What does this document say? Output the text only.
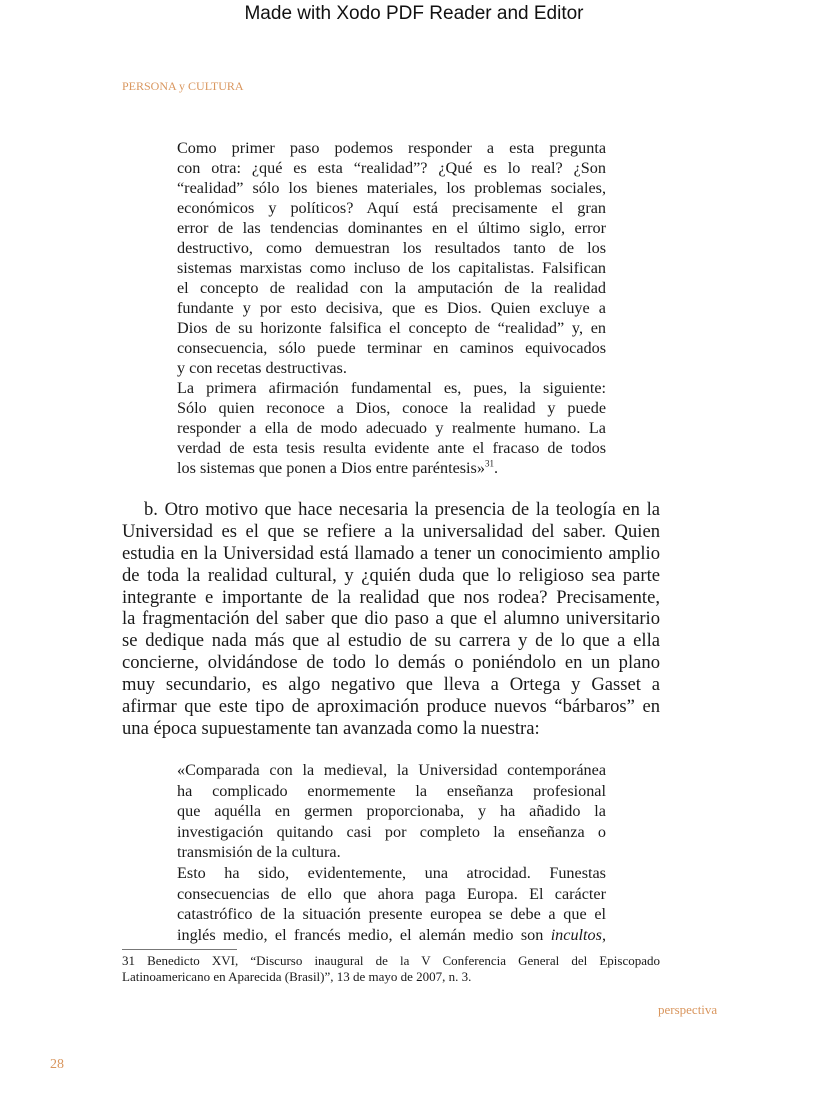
Made with Xodo PDF Reader and Editor
PERSONA y CULTURA
Como primer paso podemos responder a esta pregunta
con otra: ¿qué es esta “realidad”? ¿Qué es lo real? ¿Son
“realidad” sólo los bienes materiales, los problemas sociales,
económicos y políticos? Aquí está precisamente el gran
error de las tendencias dominantes en el último siglo, error
destructivo, como demuestran los resultados tanto de los
sistemas marxistas como incluso de los capitalistas. Falsifican
el concepto de realidad con la amputación de la realidad
fundante y por esto decisiva, que es Dios. Quien excluye a
Dios de su horizonte falsifica el concepto de “realidad” y, en
consecuencia, sólo puede terminar en caminos equivocados
y con recetas destructivas.
La primera afirmación fundamental es, pues, la siguiente:
Sólo quien reconoce a Dios, conoce la realidad y puede
responder a ella de modo adecuado y realmente humano. La
verdad de esta tesis resulta evidente ante el fracaso de todos
los sistemas que ponen a Dios entre paréntesis»$^{31}$.
b. Otro motivo que hace necesaria la presencia de la teología en la
Universidad es el que se refiere a la universalidad del saber. Quien
estudia en la Universidad está llamado a tener un conocimiento amplio
de toda la realidad cultural, y ¿quién duda que lo religioso sea parte
integrante e importante de la realidad que nos rodea? Precisamente,
la fragmentación del saber que dio paso a que el alumno universitario
se dedique nada más que al estudio de su carrera y de lo que a ella
concierne, olvidándose de todo lo demás o poniéndolo en un plano
muy secundario, es algo negativo que lleva a Ortega y Gasset a
afirmar que este tipo de aproximación produce nuevos “bárbaros” en
una época supuestamente tan avanzada como la nuestra:
«Comparada con la medieval, la Universidad contemporánea
ha complicado enormemente la enseñanza profesional
que aquélla en germen proporcionaba, y ha añadido la
investigación quitando casi por completo la enseñanza o
transmisión de la cultura.
Esto ha sido, evidentemente, una atrocidad. Funestas
consecuencias de ello que ahora paga Europa. El carácter
catastrófico de la situación presente europea se debe a que el
inglés medio, el francés medio, el alemán medio son incultos,
31 Benedicto XVI, “Discurso inaugural de la V Conferencia General del Episcopado
Latinoamericano en Aparecida (Brasil)”, 13 de mayo de 2007, n. 3.
perspectiva
28
